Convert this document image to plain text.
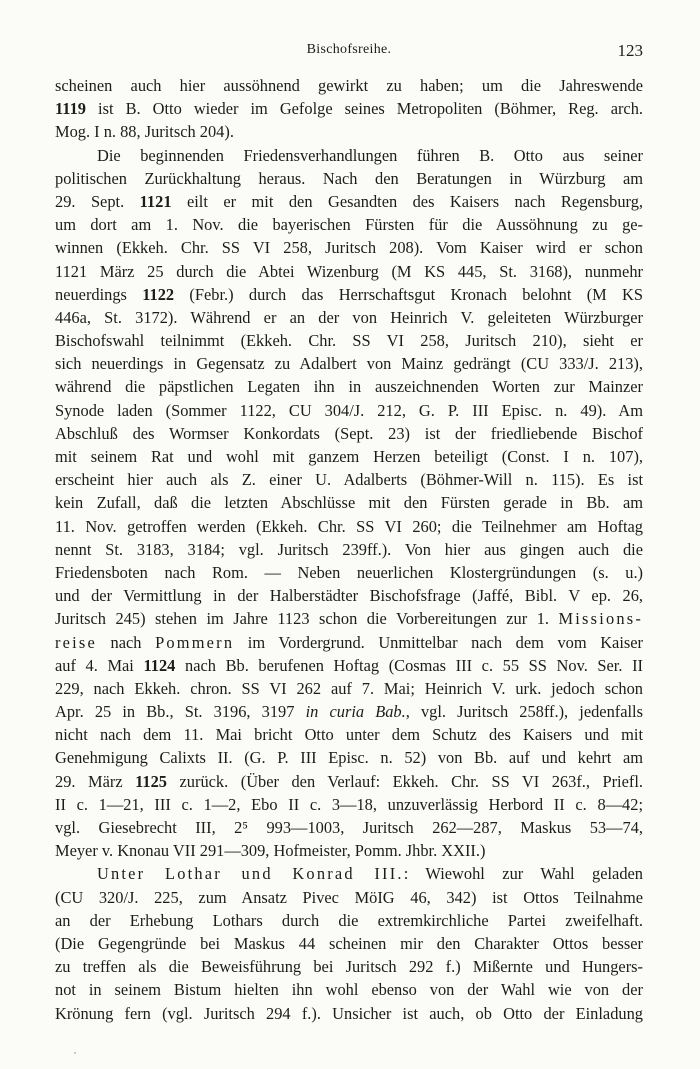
Bischofsreihe.	123
scheinen auch hier aussöhnend gewirkt zu haben; um die Jahreswende
1119 ist B. Otto wieder im Gefolge seines Metropoliten (Böhmer, Reg. arch.
Mog. I n. 88, Juritsch 204).
Die beginnenden Friedensverhandlungen führen B. Otto aus seiner
politischen Zurückhaltung heraus. Nach den Beratungen in Würzburg am
29. Sept. 1121 eilt er mit den Gesandten des Kaisers nach Regensburg,
um dort am 1. Nov. die bayerischen Fürsten für die Aussöhnung zu ge-
winnen (Ekkeh. Chr. SS VI 258, Juritsch 208). Vom Kaiser wird er schon
1121 März 25 durch die Abtei Wizenburg (M KS 445, St. 3168), nunmehr
neuerdings 1122 (Febr.) durch das Herrschaftsgut Kronach belohnt (M KS
446a, St. 3172). Während er an der von Heinrich V. geleiteten Würzburger
Bischofswahl teilnimmt (Ekkeh. Chr. SS VI 258, Juritsch 210), sieht er
sich neuerdings in Gegensatz zu Adalbert von Mainz gedrängt (CU 333/J. 213),
während die päpstlichen Legaten ihn in auszeichnenden Worten zur Mainzer
Synode laden (Sommer 1122, CU 304/J. 212, G. P. III Episc. n. 49). Am
Abschluß des Wormser Konkordats (Sept. 23) ist der friedliebende Bischof
mit seinem Rat und wohl mit ganzem Herzen beteiligt (Const. I n. 107),
erscheint hier auch als Z. einer U. Adalberts (Böhmer-Will n. 115). Es ist
kein Zufall, daß die letzten Abschlüsse mit den Fürsten gerade in Bb. am
11. Nov. getroffen werden (Ekkeh. Chr. SS VI 260; die Teilnehmer am Hoftag
nennt St. 3183, 3184; vgl. Juritsch 239ff.). Von hier aus gingen auch die
Friedensboten nach Rom. — Neben neuerlichen Klostergründungen (s. u.)
und der Vermittlung in der Halberstädter Bischofsfrage (Jaffé, Bibl. V ep. 26,
Juritsch 245) stehen im Jahre 1123 schon die Vorbereitungen zur 1. Missions-
reise nach Pommern im Vordergrund. Unmittelbar nach dem vom Kaiser
auf 4. Mai 1124 nach Bb. berufenen Hoftag (Cosmas III c. 55 SS Nov. Ser. II
229, nach Ekkeh. chron. SS VI 262 auf 7. Mai; Heinrich V. urk. jedoch schon
Apr. 25 in Bb., St. 3196, 3197 in curia Bab., vgl. Juritsch 258ff.), jedenfalls
nicht nach dem 11. Mai bricht Otto unter dem Schutz des Kaisers und mit
Genehmigung Calixts II. (G. P. III Episc. n. 52) von Bb. auf und kehrt am
29. März 1125 zurück. (Über den Verlauf: Ekkeh. Chr. SS VI 263f., Priefl.
II c. 1—21, III c. 1—2, Ebo II c. 3—18, unzuverlässig Herbord II c. 8—42;
vgl. Giesebrecht III, 2⁵ 993—1003, Juritsch 262—287, Maskus 53—74,
Meyer v. Knonau VII 291—309, Hofmeister, Pomm. Jhbr. XXII.)
Unter Lothar und Konrad III.: Wiewohl zur Wahl geladen
(CU 320/J. 225, zum Ansatz Pivec MöIG 46, 342) ist Ottos Teilnahme
an der Erhebung Lothars durch die extremkirchliche Partei zweifelhaft.
(Die Gegengründe bei Maskus 44 scheinen mir den Charakter Ottos besser
zu treffen als die Beweisführung bei Juritsch 292 f.) Mißernte und Hungers-
not in seinem Bistum hielten ihn wohl ebenso von der Wahl wie von der
Krönung fern (vgl. Juritsch 294 f.). Unsicher ist auch, ob Otto der Einladung
